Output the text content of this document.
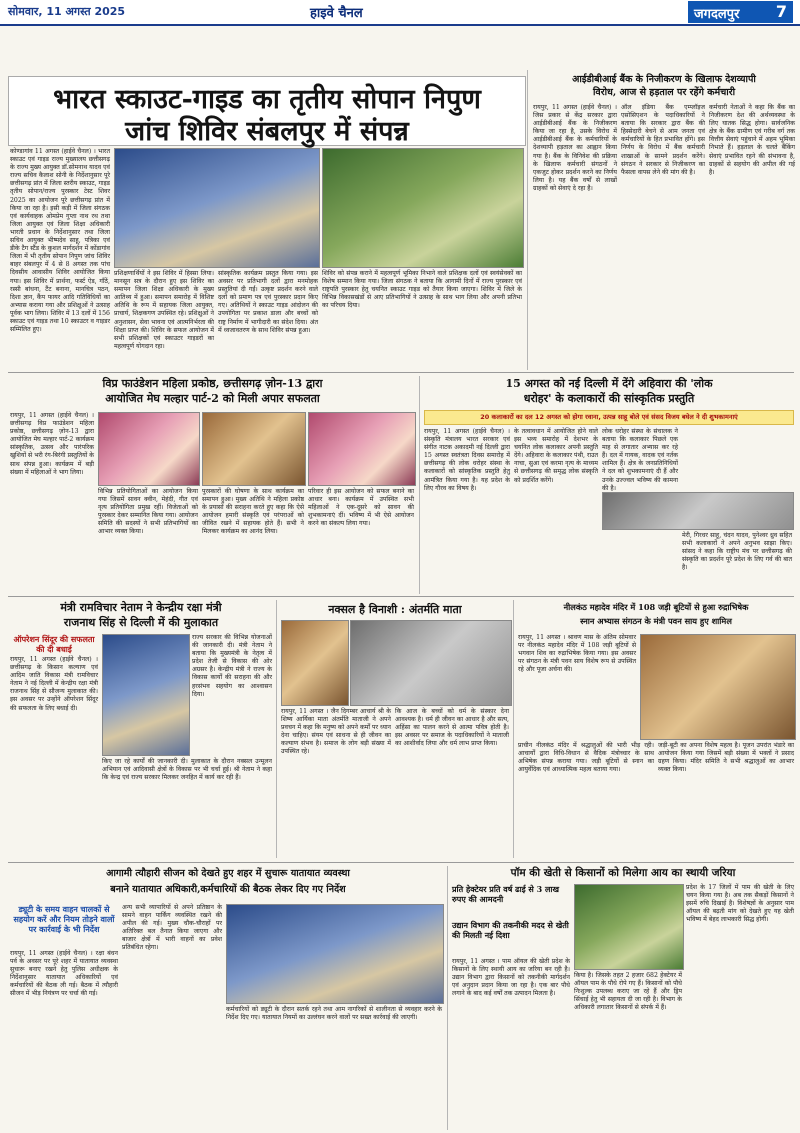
सोमवार, 11 अगस्त 2025	हाइवे चैनल	जगदलपुर 7
भारत स्काउट-गाइड का तृतीय सोपान निपुण
जांच शिविर संबलपुर में संपन्न
कोण्डागांव 11 अगस्त (हाईवे चैनल) । भारत स्काउट एवं गाइड राज्य मुख्यालय छत्तीसगढ़ के राज्य मुख्य आयुक्त डॉ.सोमनाथ यादव एवं राज्य सचिव कैलाश सोनी के निर्देशानुसार पूरे छत्तीसगढ़ प्रांत में जिला स्तरीय स्काउट, गाइड तृतीय सोपान/राज्य पुरस्कार टेस्ट शिवर 2025 का आयोजन पूरे छत्तीसगढ़ प्रांत में किया जा रहा है। इसी कड़ी में जिला संगठक एवं कार्यवाहक ओमप्रेम गुप्ता नाथ रथ तथा जिला आयुक्त एवं जिला शिक्षा अधिकारी भारती प्रधान के निर्देशानुसार तथा जिला सचिव आयुक्त भीष्मदेव साहू, पत्रिका एवं डीके टैग स्टैंड के कुशल मार्गदर्शन में कोंडागांव जिला में भी तृतीय सोपान निपुण जांच शिविर बाहर संबलपुर में 4 से 8 अगस्त तक पांच दिवसीय आवासीय शिविर आयोजित किया गया। इस शिविर में प्रार्थना, फर्स्ट ऐड, गाँठें, रस्सी बांधना, टैंट बनाना, मानचित्र पठन, दिशा ज्ञान, कैंप फायर आदि गतिविधियों का अभ्यास कराया गया और प्रशिक्षुओं ने उत्साह पूर्वक भाग लिया। शिविर में 13 दलों में 156 स्काउट एवं गाइड तथा 10 स्काउटर व गाइडर सम्मिलित हुए।
प्रशिक्षणार्थियों ने इस शिविर में हिस्सा लिया। मानसून सत्र के दौरान हुए इस शिविर का समापन जिला शिक्षा अधिकारी के मुख्य आतिथ्य में हुआ। समापन समारोह में विशिष्ट अतिथि के रूप में सहायक जिला आयुक्त, प्राचार्य, शिक्षकगण उपस्थित रहे। प्रशिक्षुओं ने अनुशासन, सेवा भावना एवं आत्मनिर्भरता की शिक्षा प्राप्त की। शिविर के सफल आयोजन में सभी प्रशिक्षकों एवं स्काउटर गाइडरों का महत्वपूर्ण योगदान रहा।
सांस्कृतिक कार्यक्रम प्रस्तुत किया गया। इस अवसर पर प्रतिभागी दलों द्वारा मनमोहक प्रस्तुतियां दी गईं। उत्कृष्ट प्रदर्शन करने वाले दलों को प्रमाण पत्र एवं पुरस्कार प्रदान किए गए। अतिथियों ने स्काउट गाइड आंदोलन की उपयोगिता पर प्रकाश डाला और बच्चों को राष्ट्र निर्माण में भागीदारी का संदेश दिया। अंत में ध्वजावतरण के साथ शिविर संपन्न हुआ।
शिविर को संपन्न कराने में महत्वपूर्ण भूमिका निभाने वाले प्रशिक्षक दलों एवं स्वयंसेवकों का विशेष सम्मान किया गया। जिला संगठक ने बताया कि आगामी दिनों में राज्य पुरस्कार एवं राष्ट्रपति पुरस्कार हेतु चयनित स्काउट गाइड को तैयार किया जाएगा। शिविर में जिले के विभिन्न विकासखंडों से आए प्रतिभागियों ने उत्साह के साथ भाग लिया और अपनी प्रतिभा का परिचय दिया।
आईडीबीआई बैंक के निजीकरण के खिलाफ देशव्यापी
विरोध, आज से हड़ताल पर रहेंगे कर्मचारी
रायपुर, 11 अगस्त (हाईवे चैनल) । जिस प्रकार से केंद्र सरकार द्वारा आईडीबीआई बैंक के निजीकरण किया जा रहा है, उसके विरोध में आईडीबीआई बैंक के कर्मचारियों के देशव्यापी हड़ताल का आह्वान किया गया है। बैंक के विनिवेश की प्रक्रिया के खिलाफ कर्मचारी संगठनों ने एकजुट होकर प्रदर्शन करने का निर्णय लिया है। यह बैंक वर्षों से लाखों ग्राहकों को सेवाएं दे रहा है।
ऑल इंडिया बैंक एम्प्लॉइज एसोसिएशन के पदाधिकारियों ने बताया कि सरकार द्वारा बैंक की हिस्सेदारी बेचने से आम जनता एवं कर्मचारियों के हित प्रभावित होंगे। इस निर्णय के विरोध में बैंक कर्मचारी शाखाओं के सामने प्रदर्शन करेंगे। संगठन ने सरकार से निजीकरण का फैसला वापस लेने की मांग की है।
कर्मचारी नेताओं ने कहा कि बैंक का निजीकरण देश की अर्थव्यवस्था के लिए घातक सिद्ध होगा। सार्वजनिक क्षेत्र के बैंक ग्रामीण एवं गरीब वर्ग तक वित्तीय सेवाएं पहुंचाने में अहम भूमिका निभाते हैं। हड़ताल के चलते बैंकिंग सेवाएं प्रभावित रहने की संभावना है, ग्राहकों से सहयोग की अपील की गई है।
विप्र फाउंडेशन महिला प्रकोष्ठ, छत्तीसगढ़ ज़ोन-13 द्वारा
आयोजित मेघ मल्हार पार्ट-2 को मिली अपार सफलता
रायपुर, 11 अगस्त (हाईवे चैनल) । छत्तीसगढ़ विप्र फाउंडेशन महिला प्रकोष्ठ, छत्तीसगढ़ ज़ोन-13 द्वारा आयोजित मेघ मल्हार पार्ट-2 कार्यक्रम सांस्कृतिक, उत्सव और पारंपरिक खुशियों से भरी रंग-बिरंगी प्रस्तुतियों के साथ संपन्न हुआ। कार्यक्रम में बड़ी संख्या में महिलाओं ने भाग लिया।
विभिन्न प्रतियोगिताओं का आयोजन किया गया जिसमें सावन क्वीन, मेहंदी, गीत एवं नृत्य प्रतियोगिता प्रमुख रहीं। विजेताओं को पुरस्कार देकर सम्मानित किया गया। आयोजन समिति की सदस्यों ने सभी प्रतिभागियों का आभार व्यक्त किया।
पुरस्कारों की घोषणा के साथ कार्यक्रम का समापन हुआ। मुख्य अतिथि ने महिला प्रकोष्ठ के प्रयासों की सराहना करते हुए कहा कि ऐसे आयोजन हमारी संस्कृति एवं परंपराओं को जीवित रखने में सहायक होते हैं। सभी ने मिलकर कार्यक्रम का आनंद लिया।
परिवार ही इस आयोजन को सफल बनाने का आधार बना। कार्यक्रम में उपस्थित सभी महिलाओं ने एक-दूसरे को सावन की शुभकामनाएं दीं। भविष्य में भी ऐसे आयोजन करने का संकल्प लिया गया।
15 अगस्त को नई दिल्ली में देंगे अहिवारा की 'लोक
धरोहर' के कलाकारों की सांस्कृतिक प्रस्तुति
20 कलाकारों का दल 12 अगस्त को होगा रवाना, उत्पन्न साहू बोले एवं संसद विजय बघेल ने दी शुभकामनाएं
रायपुर, 11 अगस्त (हाईवे चैनल) । संस्कृति मंत्रालय भारत सरकार एवं संगीत नाटक अकादमी नई दिल्ली द्वारा 15 अगस्त स्वतंत्रता दिवस समारोह में छत्तीसगढ़ की लोक धरोहर संस्था के कलाकारों को सांस्कृतिक प्रस्तुति हेतु आमंत्रित किया गया है। यह प्रदेश के लिए गौरव का विषय है।
के तत्वावधान में आयोजित होने वाले इस भव्य समारोह में देशभर के चयनित लोक कलाकार अपनी प्रस्तुति देंगे। अहिवारा के कलाकार पंथी, राउत नाचा, सुआ एवं करमा नृत्य के माध्यम से छत्तीसगढ़ की समृद्ध लोक संस्कृति को प्रदर्शित करेंगे।
लोक धरोहर संस्था के संचालक ने बताया कि कलाकार पिछले एक माह से लगातार अभ्यास कर रहे हैं। दल में गायक, वादक एवं नर्तक शामिल हैं। क्षेत्र के जनप्रतिनिधियों ने दल को शुभकामनाएं दी हैं और उनके उज्ज्वल भविष्य की कामना की है।
मेरी, गिरधर साहू, चंदन यादव, पुनेश्वर ध्रुव सहित सभी कलाकारों ने अपने अनुभव साझा किए। सांसद ने कहा कि राष्ट्रीय मंच पर छत्तीसगढ़ की संस्कृति का प्रदर्शन पूरे प्रदेश के लिए गर्व की बात है।
मंत्री रामविचार नेताम ने केन्द्रीय रक्षा मंत्री
राजनाथ सिंह से दिल्ली में की मुलाकात
ऑपरेशन सिंदूर की सफलता की दी बधाई
रायपुर, 11 अगस्त (हाईवे चैनल) । छत्तीसगढ़ के किसान कल्याण एवं आदिम जाति विकास मंत्री रामविचार नेताम ने नई दिल्ली में केन्द्रीय रक्षा मंत्री राजनाथ सिंह से सौजन्य मुलाकात की। इस अवसर पर उन्होंने ऑपरेशन सिंदूर की सफलता के लिए बधाई दी।
राज्य सरकार की विभिन्न योजनाओं की जानकारी दी। मंत्री नेताम ने बताया कि मुख्यमंत्री के नेतृत्व में प्रदेश तेजी से विकास की ओर अग्रसर है। केन्द्रीय मंत्री ने राज्य के विकास कार्यों की सराहना की और हरसंभव सहयोग का आश्वासन दिया।
किए जा रहे कार्यों की जानकारी दी। मुलाकात के दौरान नक्सल उन्मूलन अभियान एवं आदिवासी क्षेत्रों के विकास पर भी चर्चा हुई। श्री नेताम ने कहा कि केन्द्र एवं राज्य सरकार मिलकर जनहित में कार्य कर रही हैं।
नक्सल है विनाशी : अंतर्मति माता
रायपुर, 11 अगस्त । जैन दिगम्बर आचार्य श्री के शिष्य आर्यिका माता अंतर्मति माताजी ने अपने प्रवचन में कहा कि मनुष्य को अपने कर्मों पर ध्यान देना चाहिए। संयम एवं साधना से ही जीवन का कल्याण संभव है। समाज के लोग बड़ी संख्या में उपस्थित रहे।
कि आज के बच्चों को धर्म के संस्कार देना आवश्यक है। धर्म ही जीवन का आधार है और सत्य, अहिंसा का पालन करने से आत्मा पवित्र होती है। इस अवसर पर समाज के पदाधिकारियों ने माताजी का आशीर्वाद लिया और धर्म लाभ प्राप्त किया।
नीलकंठ महादेव मंदिर में 108 जड़ी बूटियों से हुआ रुद्राभिषेक
स्नान अभ्यास संगठन के मंत्री पवन साय हुए शामिल
रायपुर, 11 अगस्त । श्रावण मास के अंतिम सोमवार पर नीलकंठ महादेव मंदिर में 108 जड़ी बूटियों से भगवान शिव का रुद्राभिषेक किया गया। इस अवसर पर संगठन के मंत्री पवन साय विशेष रूप से उपस्थित रहे और पूजा अर्चना की।
प्राचीन नीलकंठ मंदिर में श्रद्धालुओं की भारी भीड़ रही। आचार्यों द्वारा विधि-विधान से वैदिक मंत्रोच्चार के साथ अभिषेक संपन्न कराया गया। जड़ी बूटियों से स्नान का आयुर्वेदिक एवं आध्यात्मिक महत्व बताया गया।
जड़ी-बूटी का अपना विशेष महत्व है। पूजन उपरांत भंडारे का आयोजन किया गया जिसमें बड़ी संख्या में भक्तों ने प्रसाद ग्रहण किया। मंदिर समिति ने सभी श्रद्धालुओं का आभार व्यक्त किया।
आगामी त्यौहारी सीजन को देखते हुए शहर में सुचारू यातायात व्यवस्था
बनाने यातायात अधिकारी,कर्मचारियों की बैठक लेकर दिए गए निर्देश
ड्यूटी के समय वाहन चालकों से सहयोग करें और नियम तोड़ने वालों पर कार्रवाई के भी निर्देश
रायपुर, 11 अगस्त (हाईवे चैनल) । रक्षा बंधन पर्व के अवसर पर पूरे शहर में यातायात व्यवस्था सुचारू बनाए रखने हेतु पुलिस अधीक्षक के निर्देशानुसार यातायात अधिकारियों एवं कर्मचारियों की बैठक ली गई। बैठक में त्यौहारी सीजन में भीड़ नियंत्रण पर चर्चा की गई।
अन्य सभी व्यापारियों से अपने प्रतिष्ठान के सामने वाहन पार्किंग व्यवस्थित रखने की अपील की गई। मुख्य चौक-चौराहों पर अतिरिक्त बल तैनात किया जाएगा और बाजार क्षेत्रों में भारी वाहनों का प्रवेश प्रतिबंधित रहेगा।
कर्मचारियों को ड्यूटी के दौरान सतर्क रहने तथा आम नागरिकों से शालीनता से व्यवहार करने के निर्देश दिए गए। यातायात नियमों का उल्लंघन करने वालों पर सख्त कार्रवाई की जाएगी।
पॉम की खेती से किसानों को मिलेगा आय का स्थायी जरिया
प्रति हेक्टेयर प्रति वर्ष ढाई से 3 लाख रुपए की आमदनी
उद्यान विभाग की तकनीकी मदद से खेती की मिलती नई दिशा
रायपुर, 11 अगस्त । पाम ऑयल की खेती प्रदेश के किसानों के लिए स्थायी आय का जरिया बन रही है। उद्यान विभाग द्वारा किसानों को तकनीकी मार्गदर्शन एवं अनुदान प्रदान किया जा रहा है। एक बार पौधे लगाने के बाद कई वर्षों तक उत्पादन मिलता है।
किया है। जिसके तहत 2 हजार 682 हेक्टेयर में ऑयल पाम के पौधे रोपे गए हैं। किसानों को पौधे निःशुल्क उपलब्ध कराए जा रहे हैं और ड्रिप सिंचाई हेतु भी सहायता दी जा रही है। विभाग के अधिकारी लगातार किसानों से संपर्क में हैं।
प्रदेश के 17 जिलों में पाम की खेती के लिए चयन किया गया है। अब तक सैकड़ों किसानों ने इसमें रुचि दिखाई है। विशेषज्ञों के अनुसार पाम ऑयल की बढ़ती मांग को देखते हुए यह खेती भविष्य में बेहद लाभकारी सिद्ध होगी।
